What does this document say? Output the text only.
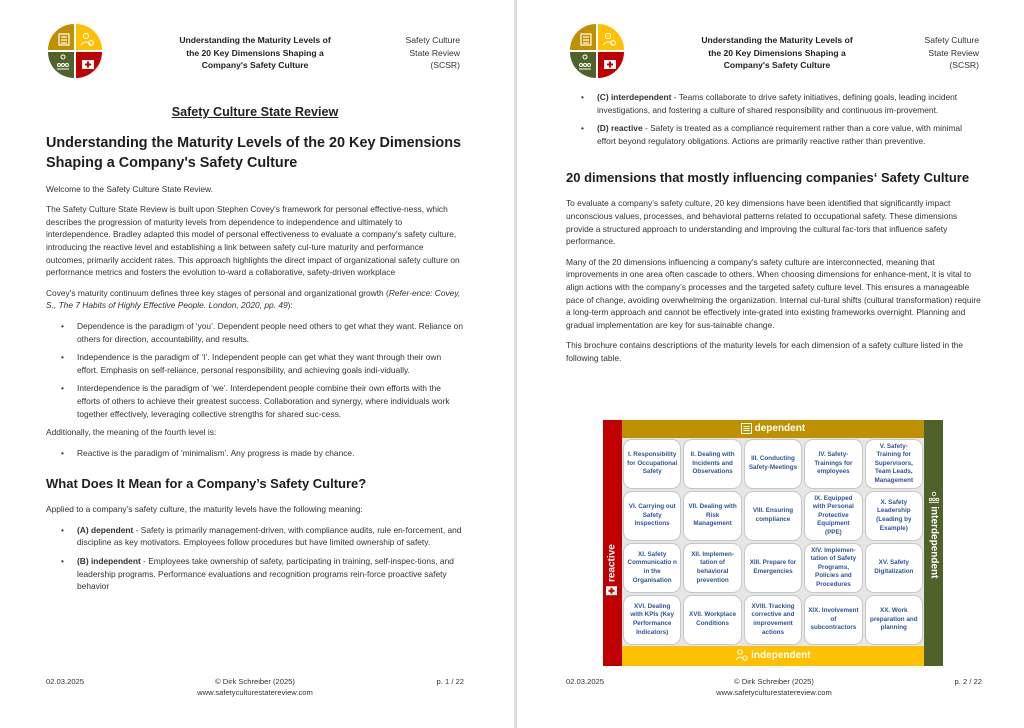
Understanding the Maturity Levels of
the 20 Key Dimensions Shaping a
Company's Safety Culture
Safety Culture
State Review
(SCSR)
Safety Culture State Review
Understanding the Maturity Levels of the 20 Key Dimensions Shaping a Company's Safety Culture

Welcome to the Safety Culture State Review.

The Safety Culture State Review is built upon Stephen Covey's framework for personal effective-ness, which describes the progression of maturity levels from dependence to independence and ultimately to interdependence. Bradley adapted this model of personal effectiveness to evaluate a company's safety culture, introducing the reactive level and establishing a link between safety cul-ture maturity and performance outcomes, primarily accident rates. This approach highlights the direct impact of organizational safety culture on performance metrics and fosters the evolution to-ward a collaborative, safety-driven workplace

Covey's maturity continuum defines three key stages of personal and organizational growth (Refer-ence: Covey, S., The 7 Habits of Highly Effective People. London, 2020, pp. 49):

• Dependence is the paradigm of ‘you’. Dependent people need others to get what they want. Reliance on others for direction, accountability, and results.
• Independence is the paradigm of ‘I’. Independent people can get what they want through their own effort. Emphasis on self-reliance, personal responsibility, and achieving goals indi-vidually.
• Interdependence is the paradigm of ‘we’. Interdependent people combine their own efforts with the efforts of others to achieve their greatest success. Collaboration and synergy, where individuals work together effectively, leveraging collective strengths for shared suc-cess.

Additionally, the meaning of the fourth level is:

• Reactive is the paradigm of ‘minimalism’. Any progress is made by chance.
What Does It Mean for a Company’s Safety Culture?

Applied to a company’s safety culture, the maturity levels have the following meaning:

• (A) dependent - Safety is primarily management-driven, with compliance audits, rule en-forcement, and discipline as key motivators. Employees follow procedures but have limited ownership of safety.
• (B) independent - Employees take ownership of safety, participating in training, self-inspec-tions, and leadership programs. Performance evaluations and recognition programs rein-force proactive safety behavior
02.03.2025	© Dirk Schreiber (2025)
www.safetyculturestatereview.com
p. 1 / 22
Understanding the Maturity Levels of
the 20 Key Dimensions Shaping a
Company's Safety Culture
Safety Culture
State Review
(SCSR)
• (C) interdependent - Teams collaborate to drive safety initiatives, defining goals, leading incident investigations, and fostering a culture of shared responsibility and continuous im-provement.
• (D) reactive - Safety is treated as a compliance requirement rather than a core value, with minimal effort beyond regulatory obligations. Actions are primarily reactive rather than preventive.
20 dimensions that mostly influencing companies‘ Safety Culture

To evaluate a company’s safety culture, 20 key dimensions have been identified that significantly impact unconscious values, processes, and behavioral patterns related to occupational safety. These dimensions provide a structured approach to understanding and improving the cultural fac-tors that influence safety performance.

Many of the 20 dimensions influencing a company’s safety culture are interconnected, meaning that improvements in one area often cascade to others. When choosing dimensions for enhance-ment, it is vital to align actions with the company’s processes and the targeted safety culture level. This ensures a manageable pace of change, avoiding overwhelming the organization. Internal cul-tural shifts (cultural transformation) require a long-term approach and cannot be effectively inte-grated into existing frameworks overnight. Planning and gradual implementation are key for sus-tainable change.

This brochure contains descriptions of the maturity levels for each dimension of a safety culture listed in the following table.

dependent
independent
reactive	interdependent
I. Responsibility for Occupational Safety
II. Dealing with Incidents and Observations
III. Conducting Safety-Meetings
IV. Safety-Trainings for employees
V. Safety-Training for Supervisors, Team Leads, Management
VI. Carrying out Safety Inspections
VII. Dealing with Risk Management
VIII. Ensuring compliance
IX. Equipped with Personal Protective Equipment (PPE)
X. Safety Leadership (Leading by Example)
XI. Safety Communicatio n in the Organisation
XII. Implemen-tation of behavioral prevention
XIII. Prepare for Emergencies
XIV. Implemen-tation of Safety Programs, Policies and Procedures
XV. Safety Digitalization
XVI. Dealing with KPIs (Key Performance Indicators)
XVII. Workplace Conditions
XVIII. Tracking corrective and improvement actions
XIX. Involvement of subcontractors
XX. Work preparation and planning
02.03.2025	© Dirk Schreiber (2025)
www.safetyculturestatereview.com
p. 2 / 22
